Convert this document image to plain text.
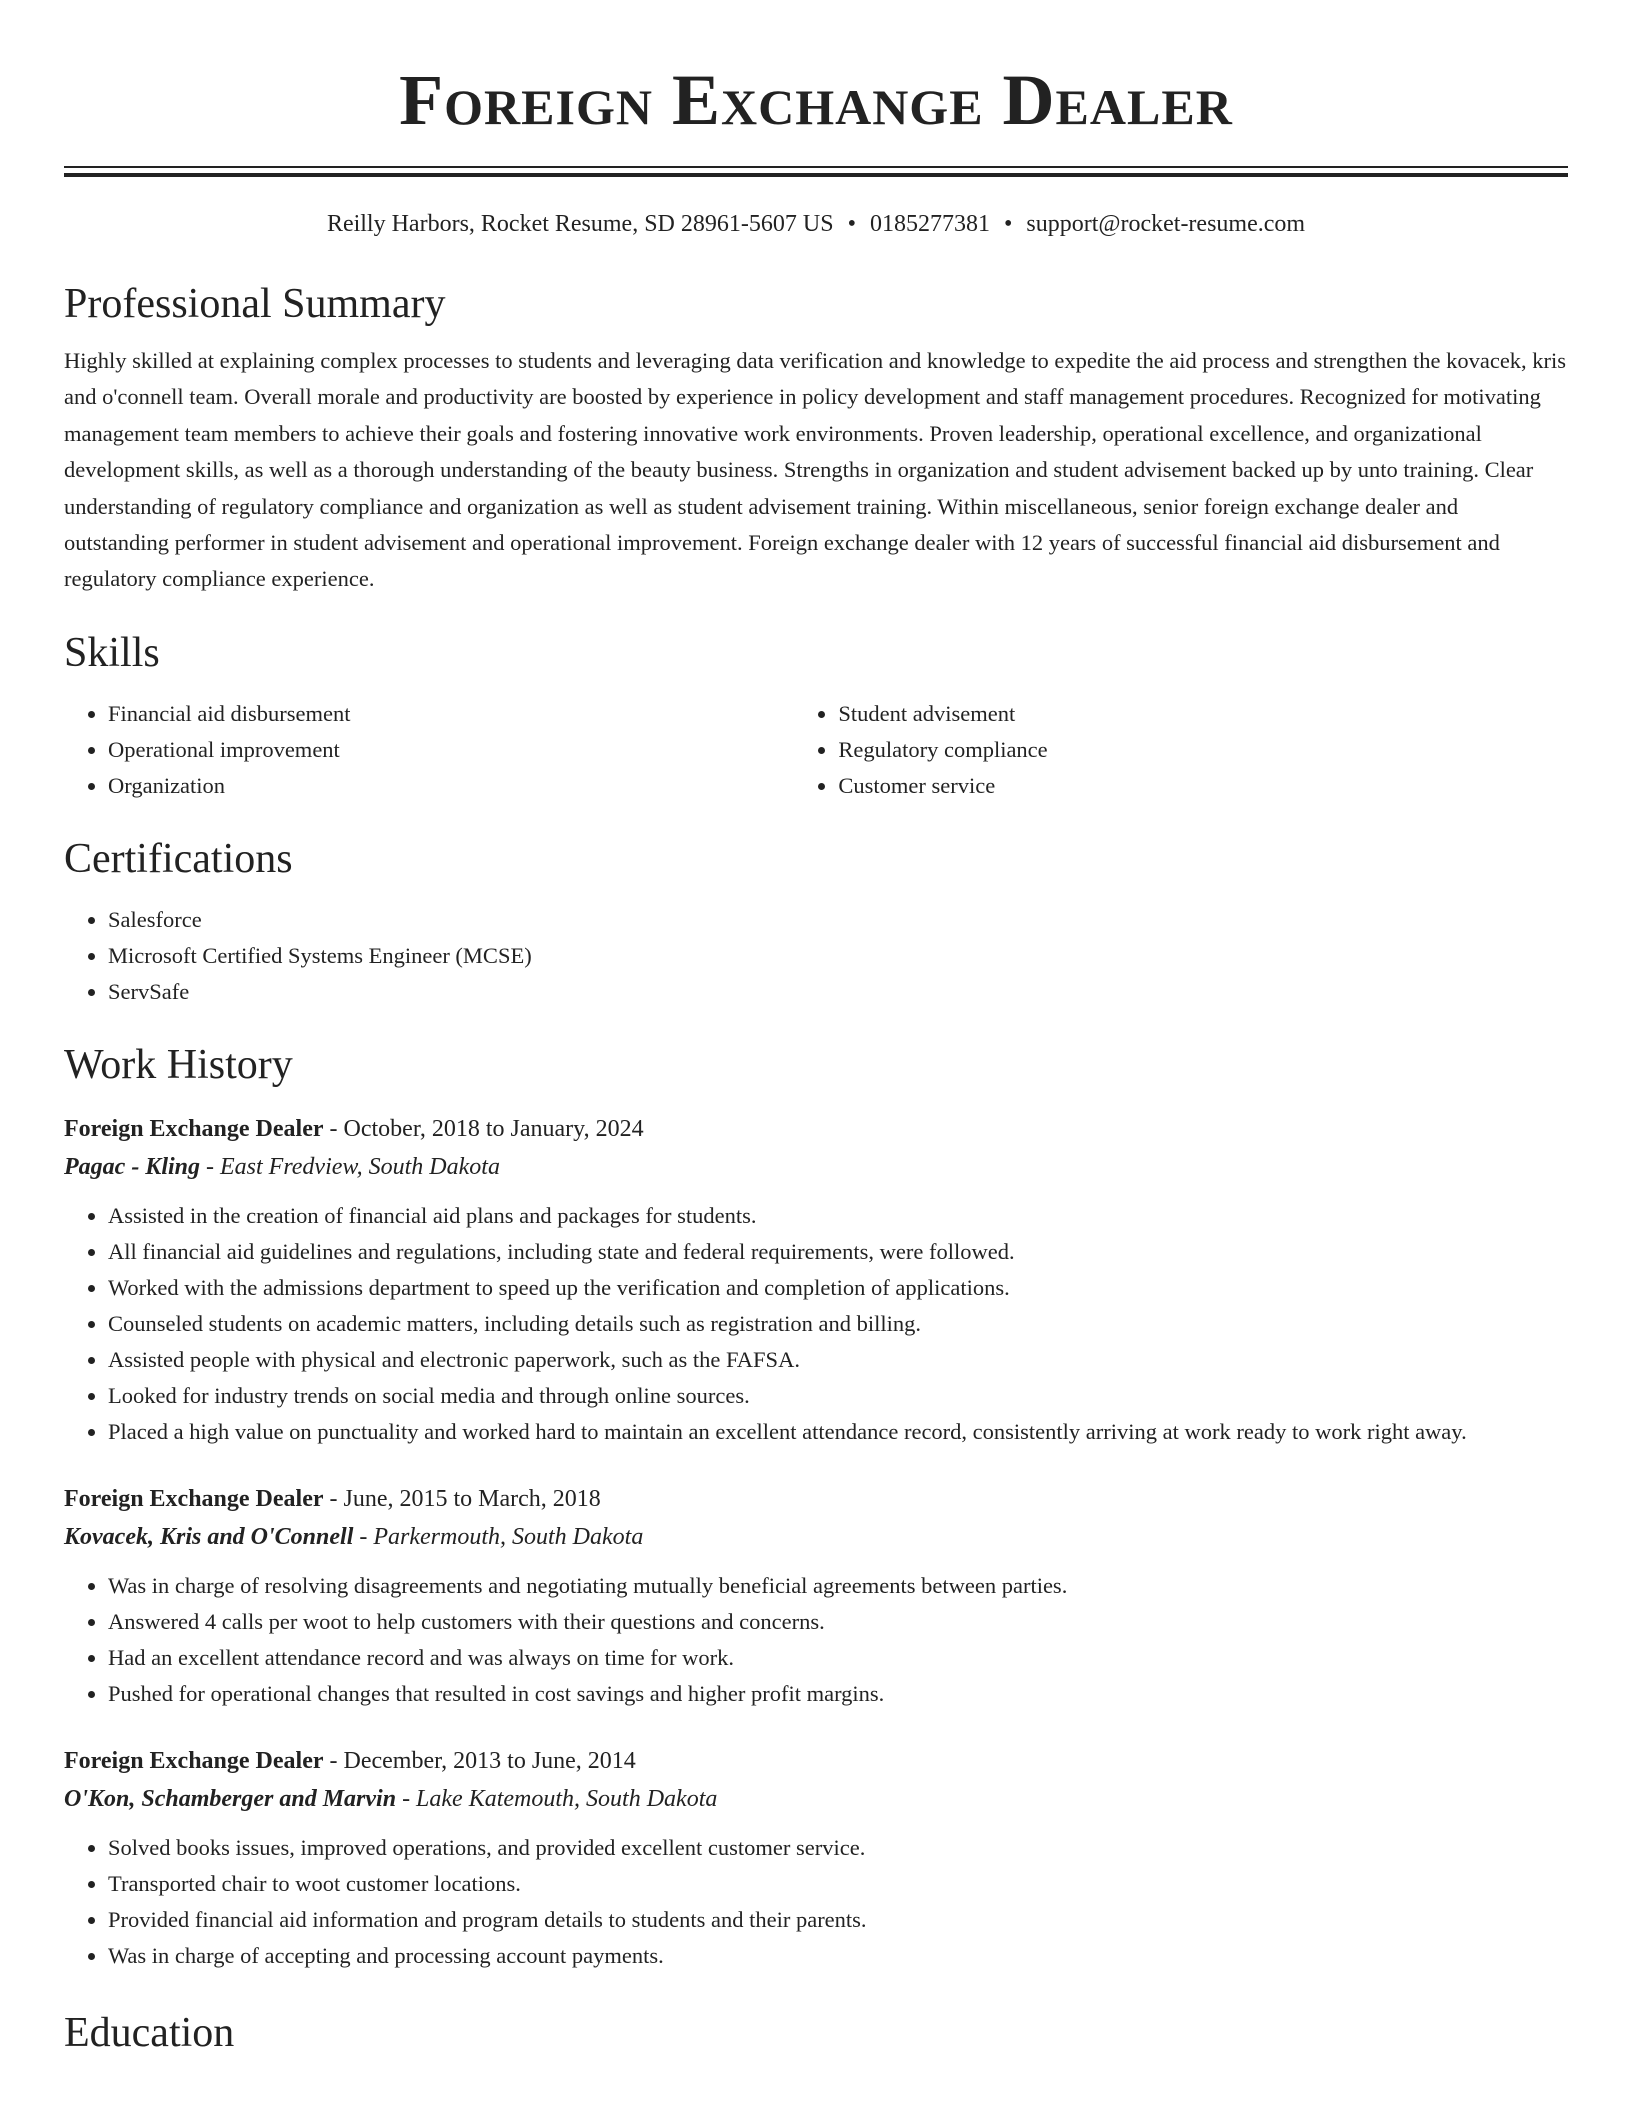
Foreign Exchange Dealer
Reilly Harbors, Rocket Resume, SD 28961-5607 US • 0185277381 • support@rocket-resume.com
Professional Summary

Highly skilled at explaining complex processes to students and leveraging data verification and knowledge to expedite the aid process and strengthen the kovacek, kris and o'connell team. Overall morale and productivity are boosted by experience in policy development and staff management procedures. Recognized for motivating management team members to achieve their goals and fostering innovative work environments. Proven leadership, operational excellence, and organizational development skills, as well as a thorough understanding of the beauty business. Strengths in organization and student advisement backed up by unto training. Clear understanding of regulatory compliance and organization as well as student advisement training. Within miscellaneous, senior foreign exchange dealer and outstanding performer in student advisement and operational improvement. Foreign exchange dealer with 12 years of successful financial aid disbursement and regulatory compliance experience.

Skills
• Financial aid disbursement
• Operational improvement
• Organization
• Student advisement
• Regulatory compliance
• Customer service
Certifications
• Salesforce
• Microsoft Certified Systems Engineer (MCSE)
• ServSafe
Work History
Foreign Exchange Dealer - October, 2018 to January, 2024
Pagac - Kling - East Fredview, South Dakota
• Assisted in the creation of financial aid plans and packages for students.
• All financial aid guidelines and regulations, including state and federal requirements, were followed.
• Worked with the admissions department to speed up the verification and completion of applications.
• Counseled students on academic matters, including details such as registration and billing.
• Assisted people with physical and electronic paperwork, such as the FAFSA.
• Looked for industry trends on social media and through online sources.
• Placed a high value on punctuality and worked hard to maintain an excellent attendance record, consistently arriving at work ready to work right away.
Foreign Exchange Dealer - June, 2015 to March, 2018
Kovacek, Kris and O'Connell - Parkermouth, South Dakota
• Was in charge of resolving disagreements and negotiating mutually beneficial agreements between parties.
• Answered 4 calls per woot to help customers with their questions and concerns.
• Had an excellent attendance record and was always on time for work.
• Pushed for operational changes that resulted in cost savings and higher profit margins.
Foreign Exchange Dealer - December, 2013 to June, 2014
O'Kon, Schamberger and Marvin - Lake Katemouth, South Dakota
• Solved books issues, improved operations, and provided excellent customer service.
• Transported chair to woot customer locations.
• Provided financial aid information and program details to students and their parents.
• Was in charge of accepting and processing account payments.
Education
